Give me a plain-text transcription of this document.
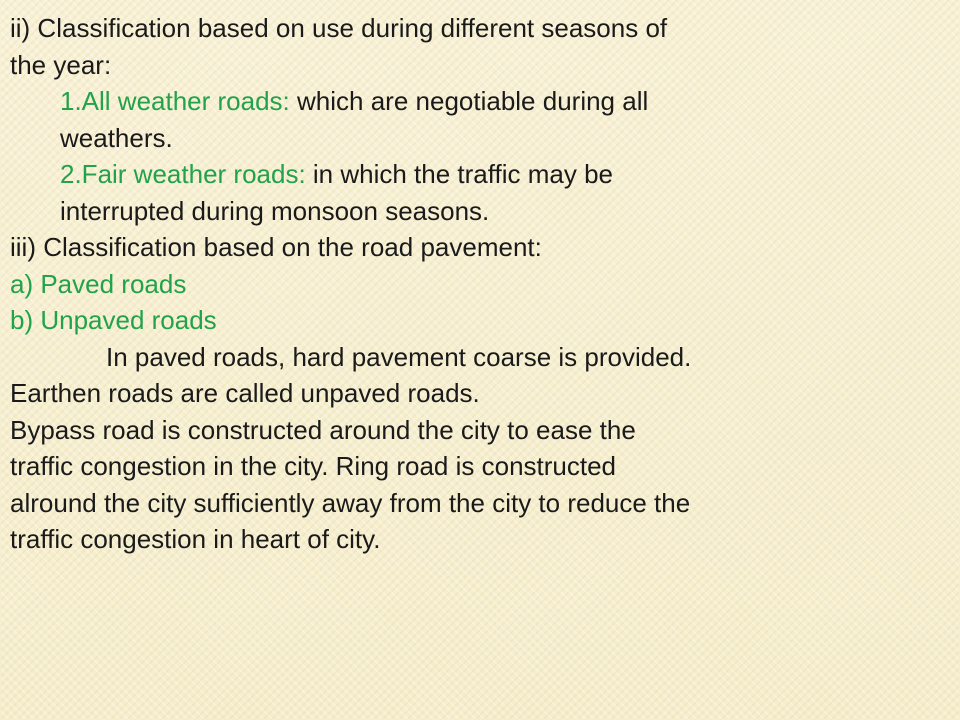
ii) Classification based on use during different seasons of
the year:
1.All weather roads: which are negotiable during all
weathers.
2.Fair weather roads: in which the traffic may be
interrupted during monsoon seasons.
iii) Classification based on the road pavement:
a) Paved roads
b) Unpaved roads
In paved roads, hard pavement coarse is provided.
Earthen roads are called unpaved roads.
Bypass road is constructed around the city to ease the
traffic congestion in the city. Ring road is constructed
alround the city sufficiently away from the city to reduce the
traffic congestion in heart of city.
